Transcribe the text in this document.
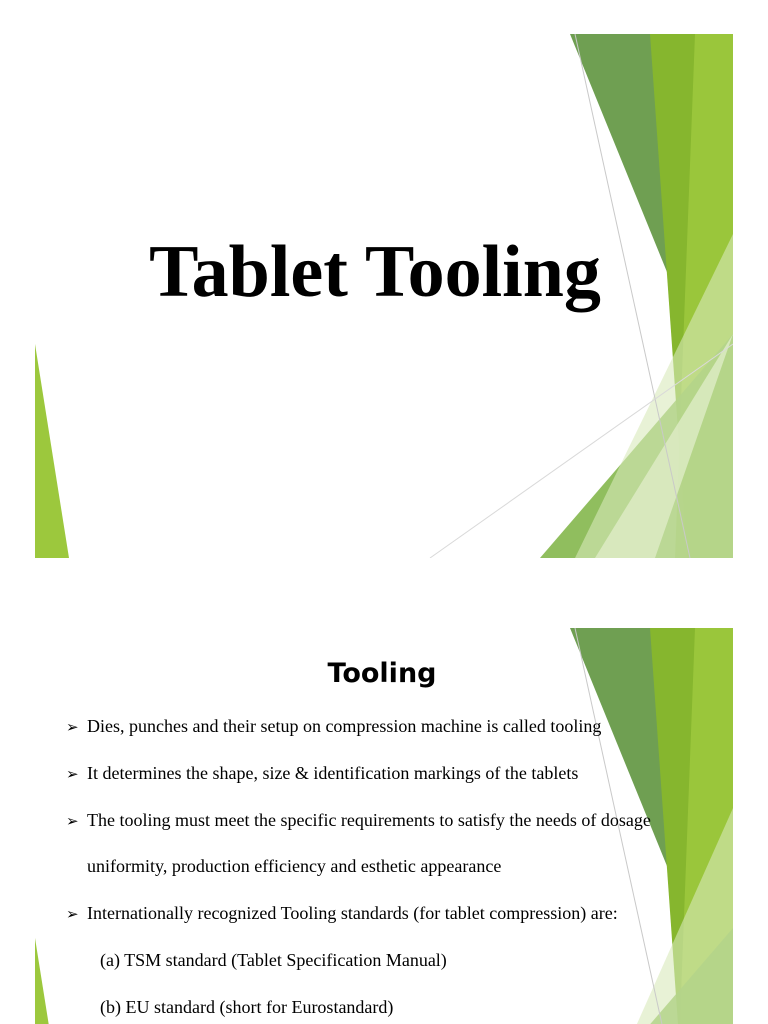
Tablet Tooling
Tooling
➢ Dies, punches and their setup on compression machine is called tooling
➢ It determines the shape, size & identification markings of the tablets
➢ The tooling must meet the specific requirements to satisfy the needs of dosage
uniformity, production efficiency and esthetic appearance
➢ Internationally recognized Tooling standards (for tablet compression) are:
(a) TSM standard (Tablet Specification Manual)
(b) EU standard (short for Eurostandard)
